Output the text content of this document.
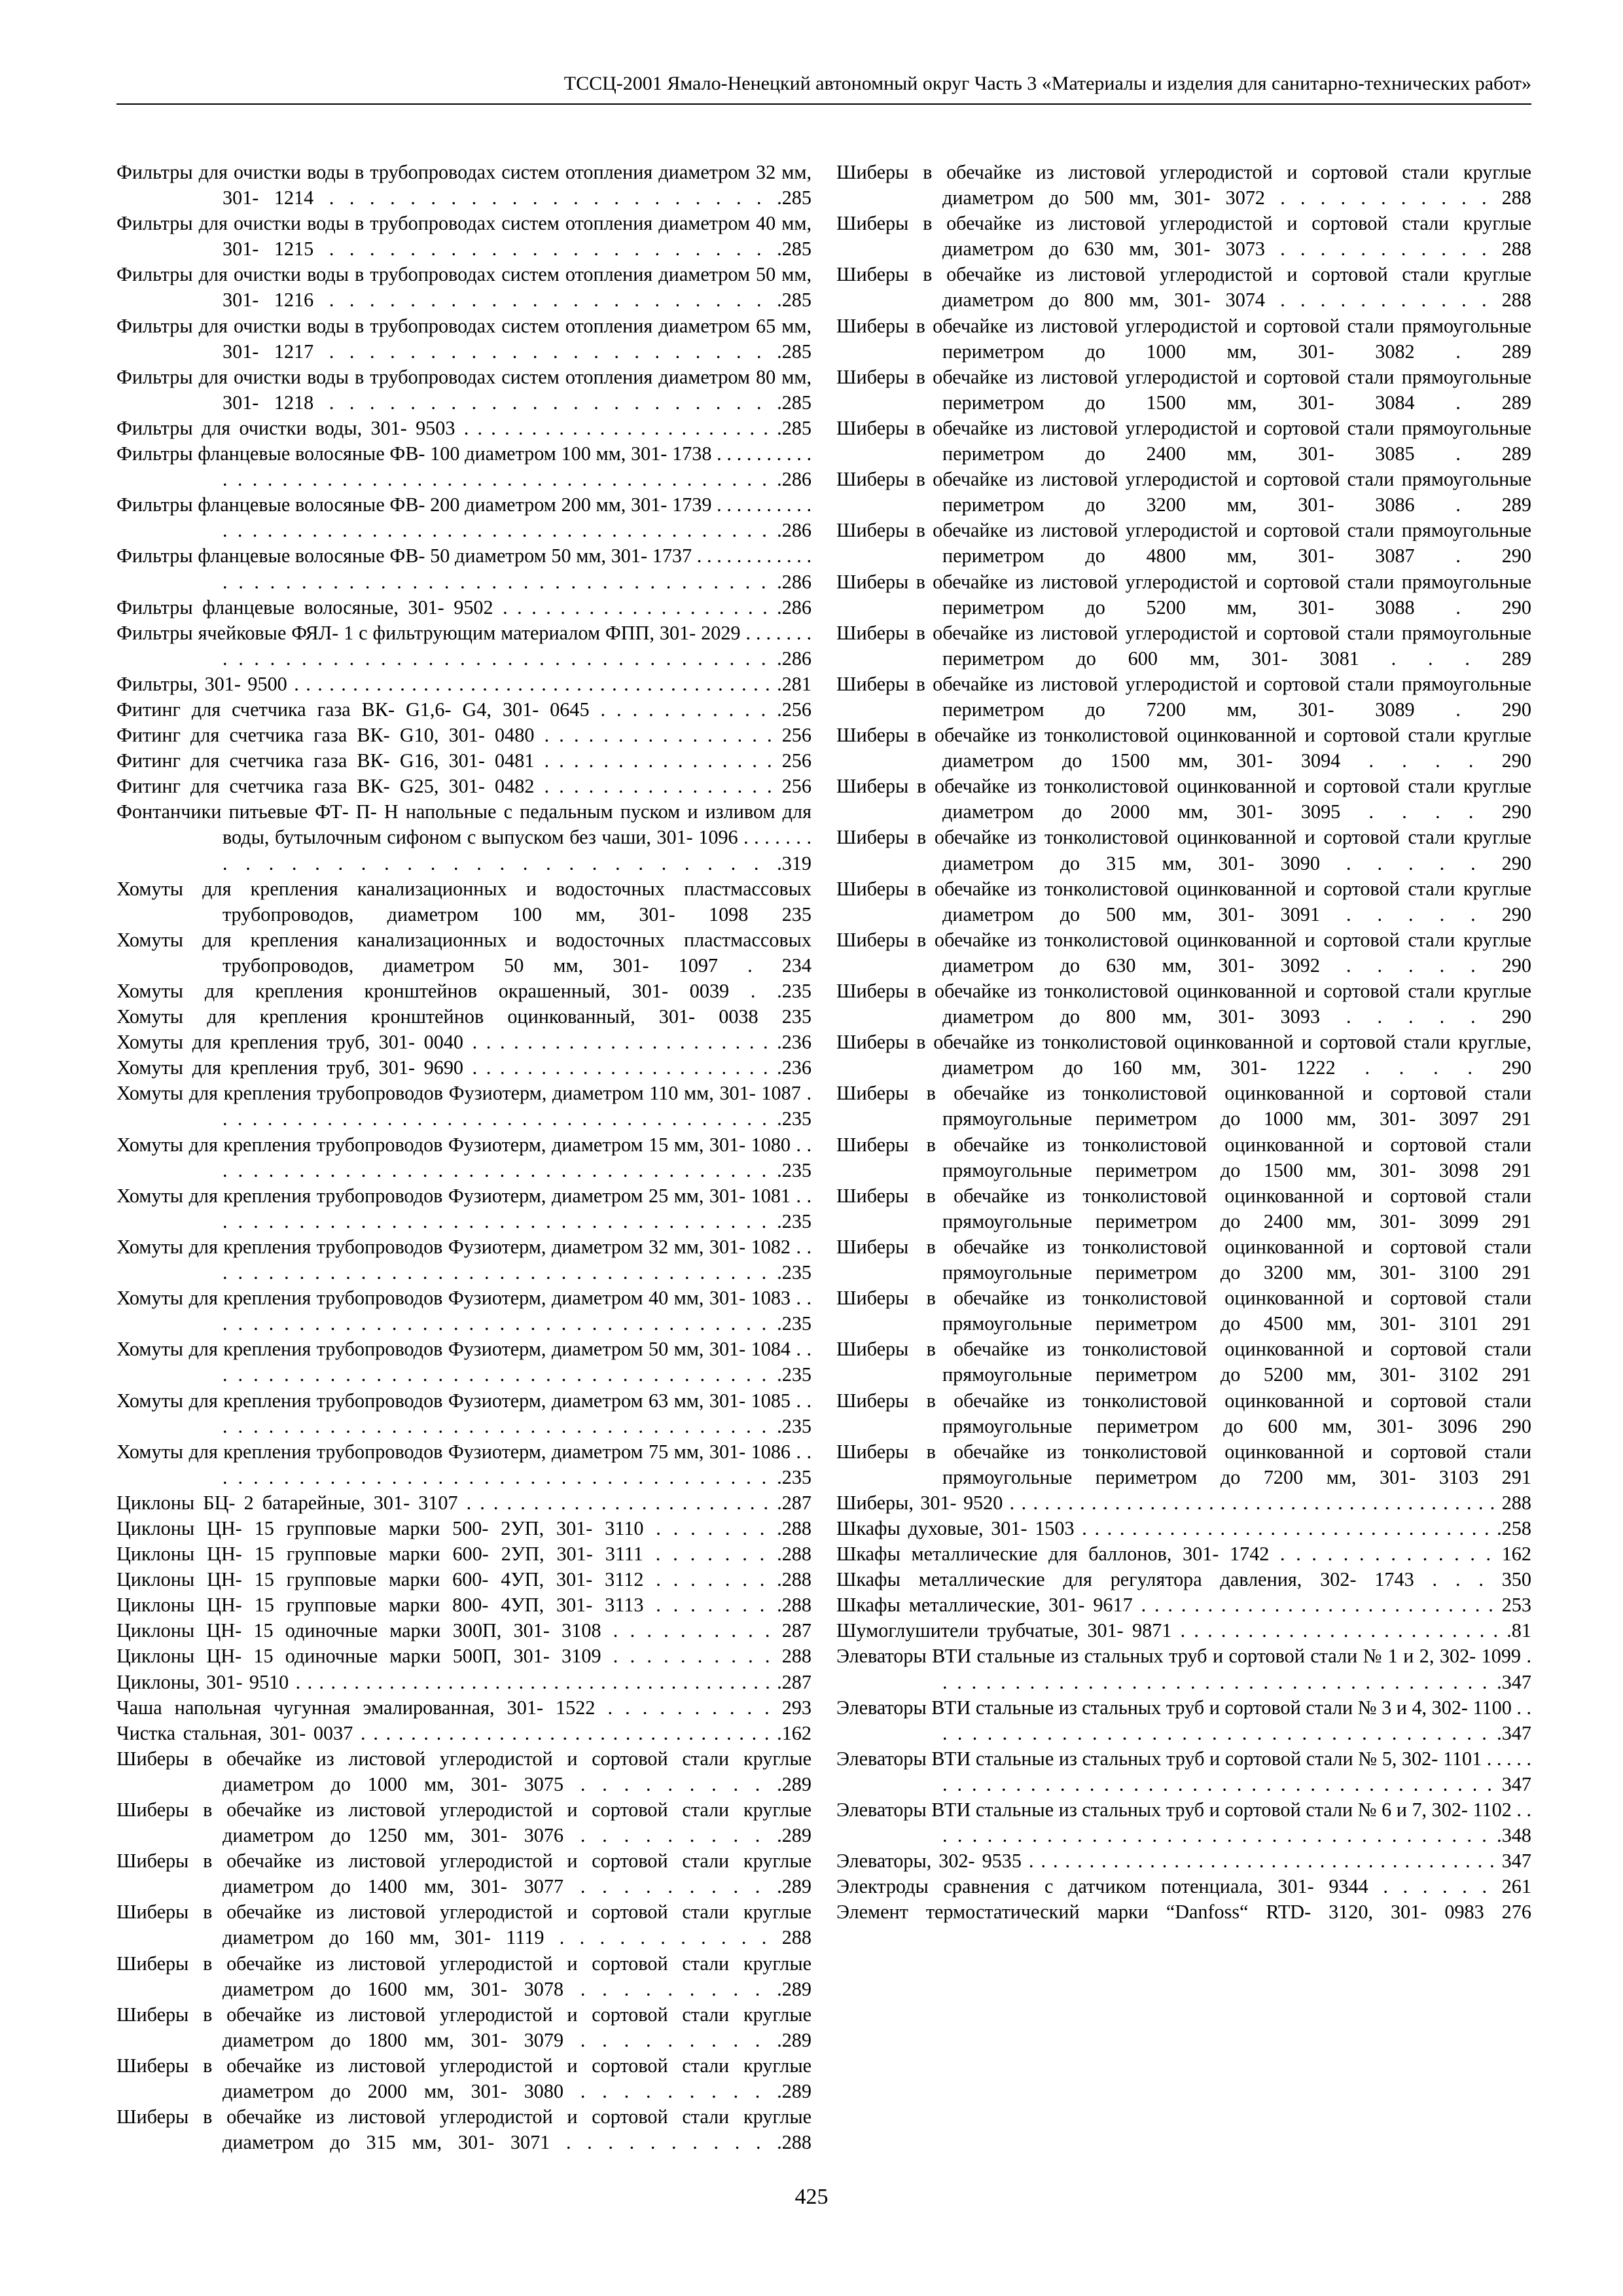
ТССЦ-2001 Ямало-Ненецкий автономный округ Часть 3 «Материалы и изделия для санитарно-технических работ»
Фильтры для очистки воды в трубопроводах систем отопления диаметром 32 мм, 301- 1214 . . . . . . . . . . . . . . . . . . . . . . .285
Фильтры для очистки воды в трубопроводах систем отопления диаметром 40 мм, 301- 1215 . . . . . . . . . . . . . . . . . . . . . . .285
Фильтры для очистки воды в трубопроводах систем отопления диаметром 50 мм, 301- 1216 . . . . . . . . . . . . . . . . . . . . . . .285
Фильтры для очистки воды в трубопроводах систем отопления диаметром 65 мм, 301- 1217 . . . . . . . . . . . . . . . . . . . . . . .285
Фильтры для очистки воды в трубопроводах систем отопления диаметром 80 мм, 301- 1218 . . . . . . . . . . . . . . . . . . . . . . .285
Фильтры для очистки воды, 301- 9503 . . . . . . . . . . . . . . . . . . . . . . . .285
Фильтры фланцевые волосяные ФВ- 100 диаметром 100 мм, 301- 1738 . . . . . . . . . . . . . . . . . . . . . . . . . . . . . . . . . . . . . . . . . . . . . . . .286
Фильтры фланцевые волосяные ФВ- 200 диаметром 200 мм, 301- 1739 . . . . . . . . . . . . . . . . . . . . . . . . . . . . . . . . . . . . . . . . . . . . . . . .286
Фильтры фланцевые волосяные ФВ- 50 диаметром 50 мм, 301- 1737 . . . . . . . . . . . . . . . . . . . . . . . . . . . . . . . . . . . . . . . . . . . . . . . .286
Фильтры фланцевые волосяные, 301- 9502 . . . . . . . . . . . . . . . . . . . .286
Фильтры ячейковые ФЯЛ- 1 с фильтрующим материалом ФПП, 301- 2029 . . . . . . . . . . . . . . . . . . . . . . . . . . . . . . . . . . . . . . . . . . .286
Фильтры, 301- 9500 . . . . . . . . . . . . . . . . . . . . . . . . . . . . . . . . . . . . . . . . . .281
Фитинг для счетчика газа ВК- G1,6- G4, 301- 0645 . . . . . . . . . . . .256
Фитинг для счетчика газа ВК- G10, 301- 0480 . . . . . . . . . . . . . . . . 256
Фитинг для счетчика газа ВК- G16, 301- 0481 . . . . . . . . . . . . . . . . 256
Фитинг для счетчика газа ВК- G25, 301- 0482 . . . . . . . . . . . . . . . . 256
Фонтанчики питьевые ФТ- П- Н напольные с педальным пуском и изливом для воды, бутылочным сифоном с выпуском без чаши, 301- 1096 . . . . . . . . . . . . . . . . . . . . . . . . . . . . . . . .319
Хомуты для крепления канализационных и водосточных пластмассовых трубопроводов, диаметром 100 мм, 301- 1098 235
Хомуты для крепления канализационных и водосточных пластмассовых трубопроводов, диаметром 50 мм, 301- 1097 . 234
Хомуты для крепления кронштейнов окрашенный, 301- 0039 . .235
Хомуты для крепления кронштейнов оцинкованный, 301- 0038 235
Хомуты для крепления труб, 301- 0040 . . . . . . . . . . . . . . . . . . . . . . .236
Хомуты для крепления труб, 301- 9690 . . . . . . . . . . . . . . . . . . . . . . .236
Хомуты для крепления трубопроводов Фузиотерм, диаметром 110 мм, 301- 1087 . . . . . . . . . . . . . . . . . . . . . . . . . . . . . . . . . . . . . . .235
Хомуты для крепления трубопроводов Фузиотерм, диаметром 15 мм, 301- 1080 . . . . . . . . . . . . . . . . . . . . . . . . . . . . . . . . . . . . . . .235
Хомуты для крепления трубопроводов Фузиотерм, диаметром 25 мм, 301- 1081 . . . . . . . . . . . . . . . . . . . . . . . . . . . . . . . . . . . . . . .235
Хомуты для крепления трубопроводов Фузиотерм, диаметром 32 мм, 301- 1082 . . . . . . . . . . . . . . . . . . . . . . . . . . . . . . . . . . . . . . .235
Хомуты для крепления трубопроводов Фузиотерм, диаметром 40 мм, 301- 1083 . . . . . . . . . . . . . . . . . . . . . . . . . . . . . . . . . . . . . . .235
Хомуты для крепления трубопроводов Фузиотерм, диаметром 50 мм, 301- 1084 . . . . . . . . . . . . . . . . . . . . . . . . . . . . . . . . . . . . . . .235
Хомуты для крепления трубопроводов Фузиотерм, диаметром 63 мм, 301- 1085 . . . . . . . . . . . . . . . . . . . . . . . . . . . . . . . . . . . . . . .235
Хомуты для крепления трубопроводов Фузиотерм, диаметром 75 мм, 301- 1086 . . . . . . . . . . . . . . . . . . . . . . . . . . . . . . . . . . . . . . .235
Циклоны БЦ- 2 батарейные, 301- 3107 . . . . . . . . . . . . . . . . . . . . . . . .287
Циклоны ЦН- 15 групповые марки 500- 2УП, 301- 3110 . . . . . . . .288
Циклоны ЦН- 15 групповые марки 600- 2УП, 301- 3111 . . . . . . . .288
Циклоны ЦН- 15 групповые марки 600- 4УП, 301- 3112 . . . . . . . .288
Циклоны ЦН- 15 групповые марки 800- 4УП, 301- 3113 . . . . . . . .288
Циклоны ЦН- 15 одиночные марки 300П, 301- 3108 . . . . . . . . . . 287
Циклоны ЦН- 15 одиночные марки 500П, 301- 3109 . . . . . . . . . . 288
Циклоны, 301- 9510 . . . . . . . . . . . . . . . . . . . . . . . . . . . . . . . . . . . . . . . . . .287
Чаша напольная чугунная эмалированная, 301- 1522 . . . . . . . . . . 293
Чистка стальная, 301- 0037 . . . . . . . . . . . . . . . . . . . . . . . . . . . . . . . . . .162
Шиберы в обечайке из листовой углеродистой и сортовой стали круглые диаметром до 1000 мм, 301- 3075 . . . . . . . . . .289
Шиберы в обечайке из листовой углеродистой и сортовой стали круглые диаметром до 1250 мм, 301- 3076 . . . . . . . . . .289
Шиберы в обечайке из листовой углеродистой и сортовой стали круглые диаметром до 1400 мм, 301- 3077 . . . . . . . . . .289
Шиберы в обечайке из листовой углеродистой и сортовой стали круглые диаметром до 160 мм, 301- 1119 . . . . . . . . . . . 288
Шиберы в обечайке из листовой углеродистой и сортовой стали круглые диаметром до 1600 мм, 301- 3078 . . . . . . . . . .289
Шиберы в обечайке из листовой углеродистой и сортовой стали круглые диаметром до 1800 мм, 301- 3079 . . . . . . . . . .289
Шиберы в обечайке из листовой углеродистой и сортовой стали круглые диаметром до 2000 мм, 301- 3080 . . . . . . . . . .289
Шиберы в обечайке из листовой углеродистой и сортовой стали круглые диаметром до 315 мм, 301- 3071 . . . . . . . . . . .288
Шиберы в обечайке из листовой углеродистой и сортовой стали круглые диаметром до 500 мм, 301- 3072 . . . . . . . . . . . 288
Шиберы в обечайке из листовой углеродистой и сортовой стали круглые диаметром до 630 мм, 301- 3073 . . . . . . . . . . . 288
Шиберы в обечайке из листовой углеродистой и сортовой стали круглые диаметром до 800 мм, 301- 3074 . . . . . . . . . . . 288
Шиберы в обечайке из листовой углеродистой и сортовой стали прямоугольные периметром до 1000 мм, 301- 3082 . 289
Шиберы в обечайке из листовой углеродистой и сортовой стали прямоугольные периметром до 1500 мм, 301- 3084 . 289
Шиберы в обечайке из листовой углеродистой и сортовой стали прямоугольные периметром до 2400 мм, 301- 3085 . 289
Шиберы в обечайке из листовой углеродистой и сортовой стали прямоугольные периметром до 3200 мм, 301- 3086 . 289
Шиберы в обечайке из листовой углеродистой и сортовой стали прямоугольные периметром до 4800 мм, 301- 3087 . 290
Шиберы в обечайке из листовой углеродистой и сортовой стали прямоугольные периметром до 5200 мм, 301- 3088 . 290
Шиберы в обечайке из листовой углеродистой и сортовой стали прямоугольные периметром до 600 мм, 301- 3081 . . . 289
Шиберы в обечайке из листовой углеродистой и сортовой стали прямоугольные периметром до 7200 мм, 301- 3089 . 290
Шиберы в обечайке из тонколистовой оцинкованной и сортовой стали круглые диаметром до 1500 мм, 301- 3094 . . . . 290
Шиберы в обечайке из тонколистовой оцинкованной и сортовой стали круглые диаметром до 2000 мм, 301- 3095 . . . . 290
Шиберы в обечайке из тонколистовой оцинкованной и сортовой стали круглые диаметром до 315 мм, 301- 3090 . . . . . 290
Шиберы в обечайке из тонколистовой оцинкованной и сортовой стали круглые диаметром до 500 мм, 301- 3091 . . . . . 290
Шиберы в обечайке из тонколистовой оцинкованной и сортовой стали круглые диаметром до 630 мм, 301- 3092 . . . . . 290
Шиберы в обечайке из тонколистовой оцинкованной и сортовой стали круглые диаметром до 800 мм, 301- 3093 . . . . . 290
Шиберы в обечайке из тонколистовой оцинкованной и сортовой стали круглые, диаметром до 160 мм, 301- 1222 . . . . 290
Шиберы в обечайке из тонколистовой оцинкованной и сортовой стали прямоугольные периметром до 1000 мм, 301- 3097 291
Шиберы в обечайке из тонколистовой оцинкованной и сортовой стали прямоугольные периметром до 1500 мм, 301- 3098 291
Шиберы в обечайке из тонколистовой оцинкованной и сортовой стали прямоугольные периметром до 2400 мм, 301- 3099 291
Шиберы в обечайке из тонколистовой оцинкованной и сортовой стали прямоугольные периметром до 3200 мм, 301- 3100 291
Шиберы в обечайке из тонколистовой оцинкованной и сортовой стали прямоугольные периметром до 4500 мм, 301- 3101 291
Шиберы в обечайке из тонколистовой оцинкованной и сортовой стали прямоугольные периметром до 5200 мм, 301- 3102 291
Шиберы в обечайке из тонколистовой оцинкованной и сортовой стали прямоугольные периметром до 600 мм, 301- 3096 290
Шиберы в обечайке из тонколистовой оцинкованной и сортовой стали прямоугольные периметром до 7200 мм, 301- 3103 291
Шиберы, 301- 9520 . . . . . . . . . . . . . . . . . . . . . . . . . . . . . . . . . . . . . . . . . . 288
Шкафы духовые, 301- 1503 . . . . . . . . . . . . . . . . . . . . . . . . . . . . . . . . . .258
Шкафы металлические для баллонов, 301- 1742 . . . . . . . . . . . . . . 162
Шкафы металлические для регулятора давления, 302- 1743 . . . 350
Шкафы металлические, 301- 9617 . . . . . . . . . . . . . . . . . . . . . . . . . . . 253
Шумоглушители трубчатые, 301- 9871 . . . . . . . . . . . . . . . . . . . . . . . . .81
Элеваторы ВТИ стальные из стальных труб и сортовой стали № 1 и 2, 302- 1099 . . . . . . . . . . . . . . . . . . . . . . . . . . . . . . . . . . . . . . . .347
Элеваторы ВТИ стальные из стальных труб и сортовой стали № 3 и 4, 302- 1100 . . . . . . . . . . . . . . . . . . . . . . . . . . . . . . . . . . . . . . . .347
Элеваторы ВТИ стальные из стальных труб и сортовой стали № 5, 302- 1101 . . . . . . . . . . . . . . . . . . . . . . . . . . . . . . . . . . . . . . . . . . . 347
Элеваторы ВТИ стальные из стальных труб и сортовой стали № 6 и 7, 302- 1102 . . . . . . . . . . . . . . . . . . . . . . . . . . . . . . . . . . . . . . . .348
Элеваторы, 302- 9535 . . . . . . . . . . . . . . . . . . . . . . . . . . . . . . . . . . . . . . . 347
Электроды сравнения с датчиком потенциала, 301- 9344 . . . . . . 261
Элемент термостатический марки “Danfoss“ RTD- 3120, 301- 0983 276
425
